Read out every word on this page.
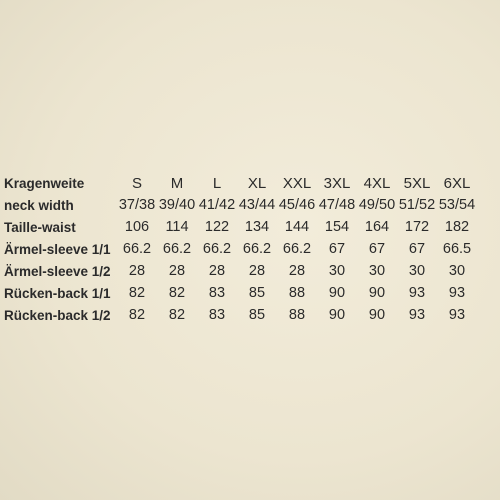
Kragenweite	S	M	L	XL	XXL	3XL	4XL	5XL	6XL
neck width	37/38	39/40	41/42	43/44	45/46	47/48	49/50	51/52	53/54
Taille-waist	106	114	122	134	144	154	164	172	182
Ärmel-sleeve 1/1	66.2	66.2	66.2	66.2	66.2	67	67	67	66.5
Ärmel-sleeve 1/2	28	28	28	28	28	30	30	30	30
Rücken-back 1/1	82	82	83	85	88	90	90	93	93
Rücken-back 1/2	82	82	83	85	88	90	90	93	93
